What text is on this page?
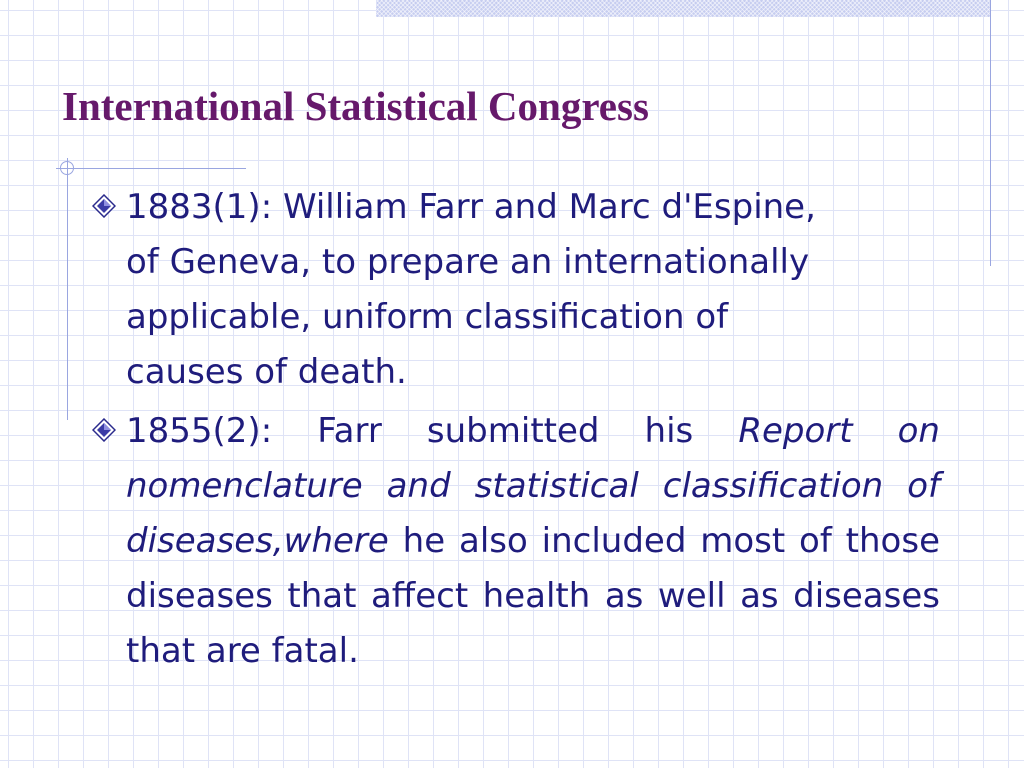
International Statistical Congress
1883(1): William Farr and Marc d'Espine, of Geneva, to prepare an internationally applicable, uniform classification of causes of death.
1855(2): Farr submitted his Report on nomenclature and statistical classification of diseases,where he also included most of those diseases that affect health as well as diseases that are fatal.
